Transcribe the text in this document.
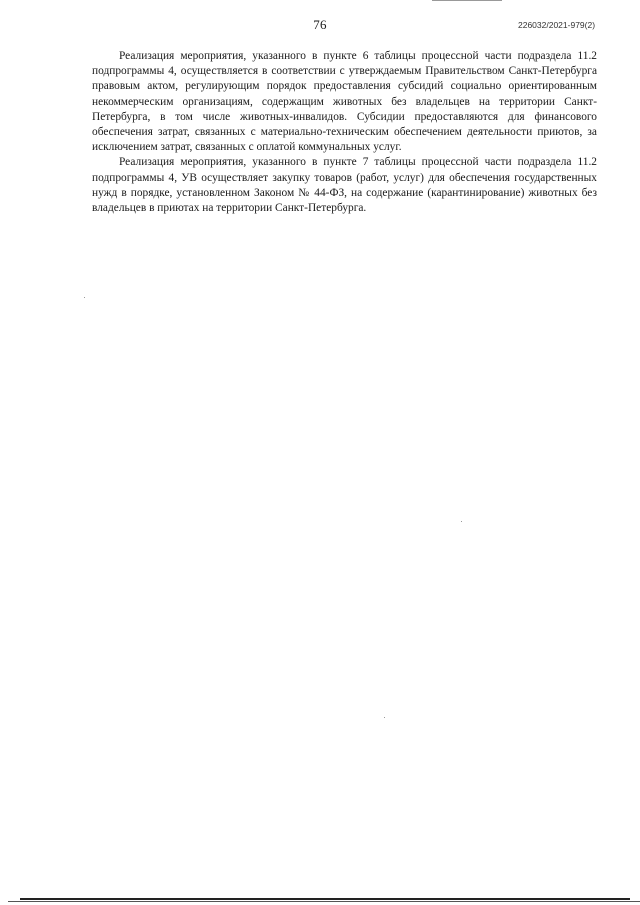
76	226032/2021-979(2)

Реализация мероприятия, указанного в пункте 6 таблицы процессной части подраздела 11.2 подпрограммы 4, осуществляется в соответствии с утверждаемым Правительством Санкт-Петербурга правовым актом, регулирующим порядок предоставления субсидий социально ориентированным некоммерческим организациям, содержащим животных без владельцев на территории Санкт-Петербурга, в том числе животных-инвалидов. Субсидии предоставляются для финансового обеспечения затрат, связанных с материально-техническим обеспечением деятельности приютов, за исключением затрат, связанных с оплатой коммунальных услуг.

Реализация мероприятия, указанного в пункте 7 таблицы процессной части подраздела 11.2 подпрограммы 4, УВ осуществляет закупку товаров (работ, услуг) для обеспечения государственных нужд в порядке, установленном Законом № 44-ФЗ, на содержание (карантинирование) животных без владельцев в приютах на территории Санкт-Петербурга.
